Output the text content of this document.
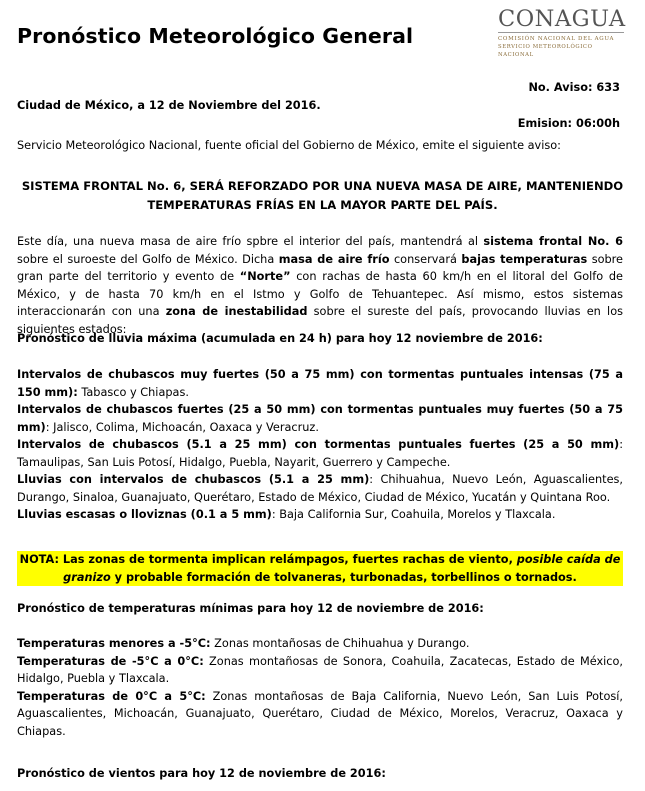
Pronóstico Meteorológico General
CONAGUA
COMISIÓN NACIONAL DEL AGUA
SERVICIO METEOROLÓGICO NACIONAL
No. Aviso: 633
Ciudad de México, a 12 de Noviembre del 2016.
Emision: 06:00h
Servicio Meteorológico Nacional, fuente oficial del Gobierno de México, emite el siguiente aviso:
SISTEMA FRONTAL No. 6, SERÁ REFORZADO POR UNA NUEVA MASA DE AIRE, MANTENIENDO
TEMPERATURAS FRÍAS EN LA MAYOR PARTE DEL PAÍS.
Este día, una nueva masa de aire frío spbre el interior del país, mantendrá al sistema frontal No. 6 sobre el suroeste del Golfo de México. Dicha masa de aire frío conservará bajas temperaturas sobre gran parte del territorio y evento de “Norte” con rachas de hasta 60 km/h en el litoral del Golfo de México, y de hasta 70 km/h en el Istmo y Golfo de Tehuantepec. Así mismo, estos sistemas interaccionarán con una zona de inestabilidad sobre el sureste del país, provocando lluvias en los siguientes estados:
Pronóstico de lluvia máxima (acumulada en 24 h) para hoy 12 noviembre de 2016:
Intervalos de chubascos muy fuertes (50 a 75 mm) con tormentas puntuales intensas (75 a 150 mm): Tabasco y Chiapas.
Intervalos de chubascos fuertes (25 a 50 mm) con tormentas puntuales muy fuertes (50 a 75 mm): Jalisco, Colima, Michoacán, Oaxaca y Veracruz.
Intervalos de chubascos (5.1 a 25 mm) con tormentas puntuales fuertes (25 a 50 mm): Tamaulipas, San Luis Potosí, Hidalgo, Puebla, Nayarit, Guerrero y Campeche.
Lluvias con intervalos de chubascos (5.1 a 25 mm): Chihuahua, Nuevo León, Aguascalientes, Durango, Sinaloa, Guanajuato, Querétaro, Estado de México, Ciudad de México, Yucatán y Quintana Roo.
Lluvias escasas o lloviznas (0.1 a 5 mm): Baja California Sur, Coahuila, Morelos y Tlaxcala.
NOTA: Las zonas de tormenta implican relámpagos, fuertes rachas de viento, posible caída de granizo y probable formación de tolvaneras, turbonadas, torbellinos o tornados.
Pronóstico de temperaturas mínimas para hoy 12 de noviembre de 2016:
Temperaturas menores a -5°C: Zonas montañosas de Chihuahua y Durango.
Temperaturas de -5°C a 0°C: Zonas montañosas de Sonora, Coahuila, Zacatecas, Estado de México, Hidalgo, Puebla y Tlaxcala.
Temperaturas de 0°C a 5°C: Zonas montañosas de Baja California, Nuevo León, San Luis Potosí, Aguascalientes, Michoacán, Guanajuato, Querétaro, Ciudad de México, Morelos, Veracruz, Oaxaca y Chiapas.
Pronóstico de vientos para hoy 12 de noviembre de 2016:
